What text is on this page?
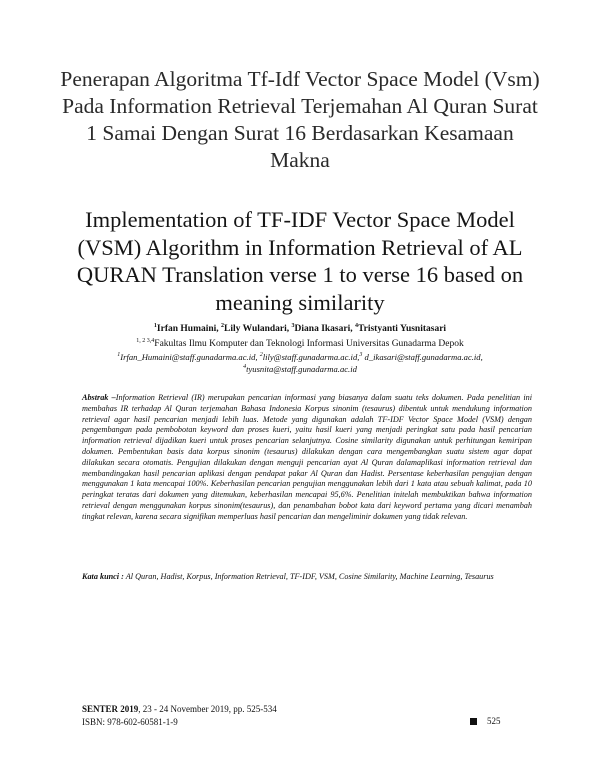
Penerapan Algoritma Tf-Idf Vector Space Model (Vsm) Pada Information Retrieval Terjemahan Al Quran Surat 1 Samai Dengan Surat 16 Berdasarkan Kesamaan Makna
Implementation of TF-IDF Vector Space Model (VSM) Algorithm in Information Retrieval of AL QURAN Translation verse 1 to verse 16 based on meaning similarity
$^1$Irfan Humaini, $^2$Lily Wulandari, $^3$Diana Ikasari, $^4$Tristyanti Yusnitasari
$^{1, 2 3,4}$Fakultas Ilmu Komputer dan Teknologi Informasi Universitas Gunadarma Depok
$^1$Irfan_Humaini@staff.gunadarma.ac.id, $^2$lily@staff.gunadarma.ac.id,$^3$ d_ikasari@staff.gunadarma.ac.id,
$^4$tyusnita@staff.gunadarma.ac.id
Abstrak –Information Retrieval (IR) merupakan pencarian informasi yang biasanya dalam suatu teks dokumen. Pada penelitian ini membahas IR terhadap Al Quran terjemahan Bahasa Indonesia Korpus sinonim (tesaurus) dibentuk untuk mendukung information retrieval agar hasil pencarian menjadi lebih luas. Metode yang digunakan adalah TF-IDF Vector Space Model (VSM) dengan pengembangan pada pembobotan keyword dan proses kueri, yaitu hasil kueri yang menjadi peringkat satu pada hasil pencarian information retrieval dijadikan kueri untuk proses pencarian selanjutnya. Cosine similarity digunakan untuk perhitungan kemiripan dokumen. Pembentukan basis data korpus sinonim (tesaurus) dilakukan dengan cara mengembangkan suatu sistem agar dapat dilakukan secara otomatis. Pengujian dilakukan dengan menguji pencarian ayat Al Quran dalamaplikasi information retrieval dan membandingakan hasil pencarian aplikasi dengan pendapat pakar Al Quran dan Hadist. Persentase keberhasilan pengujian dengan menggunakan 1 kata mencapai 100%. Keberhasilan pencarian pengujian menggunakan lebih dari 1 kata atau sebuah kalimat, pada 10 peringkat teratas dari dokumen yang ditemukan, keberhasilan mencapai 95,6%. Penelitian initelah membuktikan bahwa information retrieval dengan menggunakan korpus sinonim(tesaurus), dan penambahan bobot kata dari keyword pertama yang dicari menambah tingkat relevan, karena secara signifikan memperluas hasil pencarian dan mengeliminir dokumen yang tidak relevan.
Kata kunci : Al Quran, Hadist, Korpus, Information Retrieval, TF-IDF, VSM, Cosine Similarity, Machine Learning, Tesaurus
SENTER 2019, 23 - 24 November 2019, pp. 525-534
ISBN: 978-602-60581-1-9	525
